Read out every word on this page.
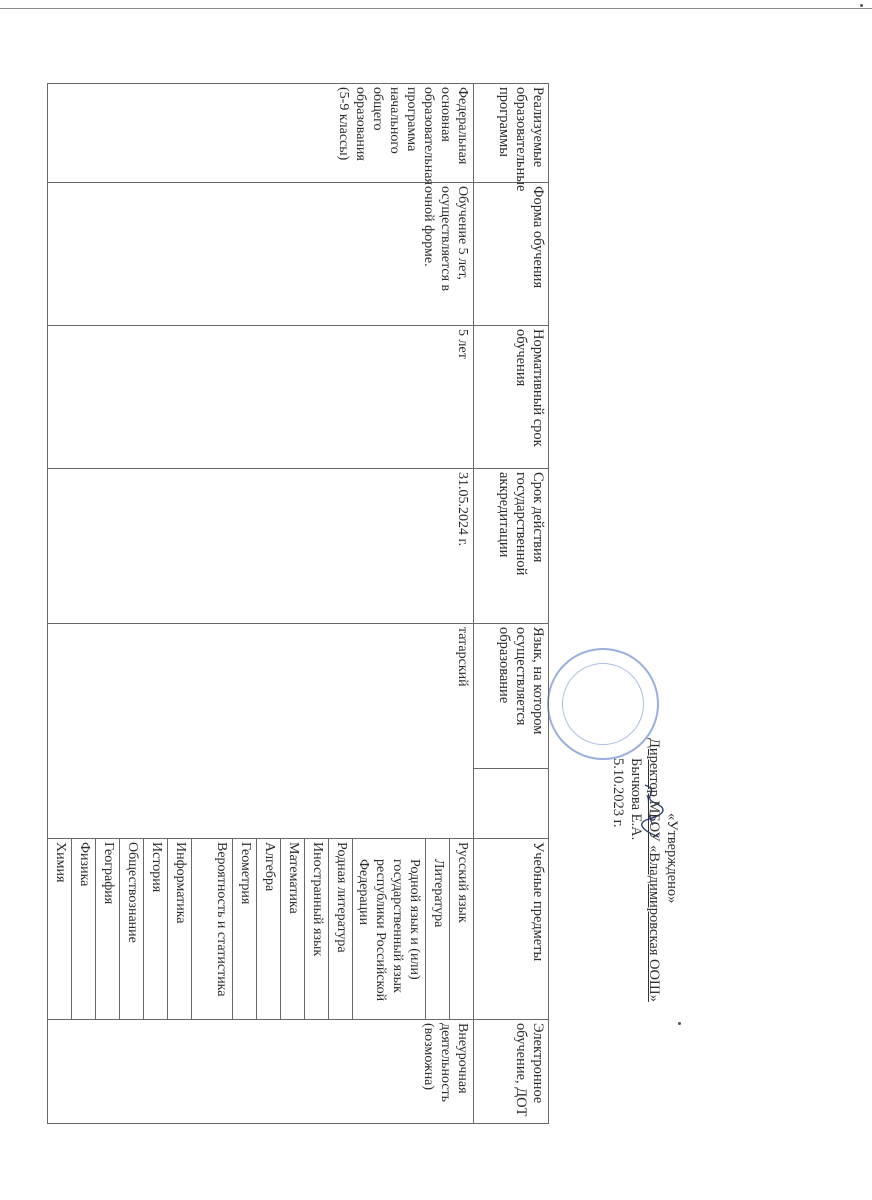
«Утверждено»
Директор МБОУ «Владимировская ООШ»
Бычкова Е.А.
5.10.2023 г.
Реализуемые образовательные программы	Форма обучения	Нормативный срок обучения	Срок действия государственной аккредитации	Язык, на котором осуществляется образование		Учебные предметы	Электронное обучение, ДОТ
Федеральная основная образовательная программа начального общего образования (5-9 классы)	Обучение 5 лет, осуществляется в очной форме.	5 лет	31.05.2024 г.	татарский		Русский язык	Внеурочная деятельность (возможна)
						Литература	
						Родной язык и (или) государственный язык республики Российской Федерации	
						Родная литература	
						Иностранный язык	
						Математика	
						Алгебра	
						Геометрия	
						Вероятность и статистика	
						Информатика	
						История	
						Обществознание	
						География	
						Физика	
						Химия	
